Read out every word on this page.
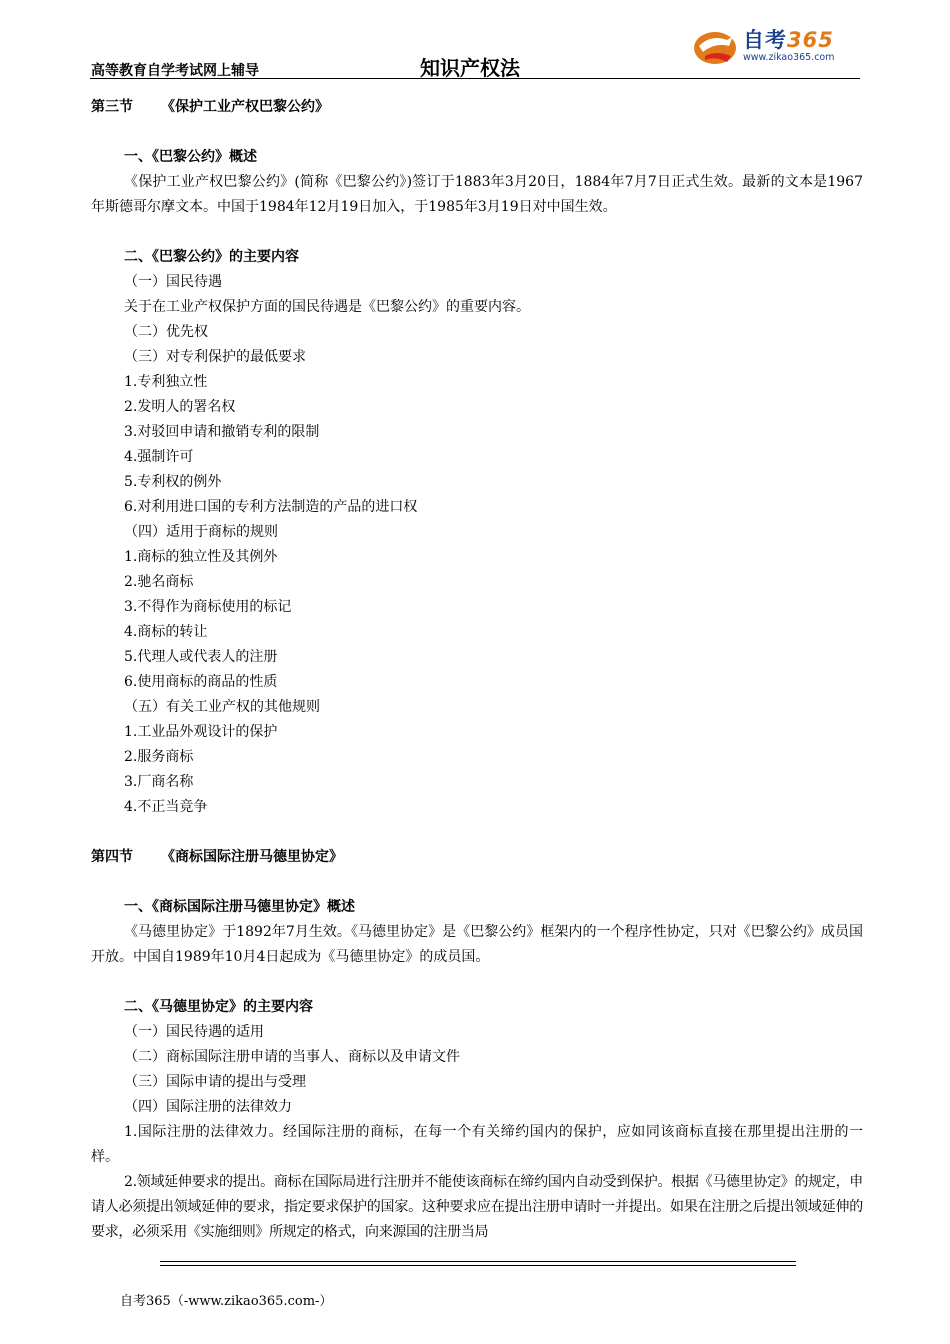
高等教育自学考试网上辅导	知识产权法
自考365
www.zikao365.com
第三节 《保护工业产权巴黎公约》
一、《巴黎公约》概述
《保护工业产权巴黎公约》(简称《巴黎公约》)签订于1883年3月20日，1884年7月7日正式生效。最新的文本是1967年斯德哥尔摩文本。中国于1984年12月19日加入，于1985年3月19日对中国生效。
二、《巴黎公约》的主要内容
（一）国民待遇
关于在工业产权保护方面的国民待遇是《巴黎公约》的重要内容。
（二）优先权
（三）对专利保护的最低要求
1.专利独立性
2.发明人的署名权
3.对驳回申请和撤销专利的限制
4.强制许可
5.专利权的例外
6.对利用进口国的专利方法制造的产品的进口权
（四）适用于商标的规则
1.商标的独立性及其例外
2.驰名商标
3.不得作为商标使用的标记
4.商标的转让
5.代理人或代表人的注册
6.使用商标的商品的性质
（五）有关工业产权的其他规则
1.工业品外观设计的保护
2.服务商标
3.厂商名称
4.不正当竞争
第四节 《商标国际注册马德里协定》
一、《商标国际注册马德里协定》概述
《马德里协定》于1892年7月生效。《马德里协定》是《巴黎公约》框架内的一个程序性协定，只对《巴黎公约》成员国开放。中国自1989年10月4日起成为《马德里协定》的成员国。
二、《马德里协定》的主要内容
（一）国民待遇的适用
（二）商标国际注册申请的当事人、商标以及申请文件
（三）国际申请的提出与受理
（四）国际注册的法律效力
1.国际注册的法律效力。经国际注册的商标，在每一个有关缔约国内的保护，应如同该商标直接在那里提出注册的一样。
2.领域延伸要求的提出。商标在国际局进行注册并不能使该商标在缔约国内自动受到保护。根据《马德里协定》的规定，申请人必须提出领域延伸的要求，指定要求保护的国家。这种要求应在提出注册申请时一并提出。如果在注册之后提出领域延伸的要求，必须采用《实施细则》所规定的格式，向来源国的注册当局
自考365（-www.zikao365.com-）
